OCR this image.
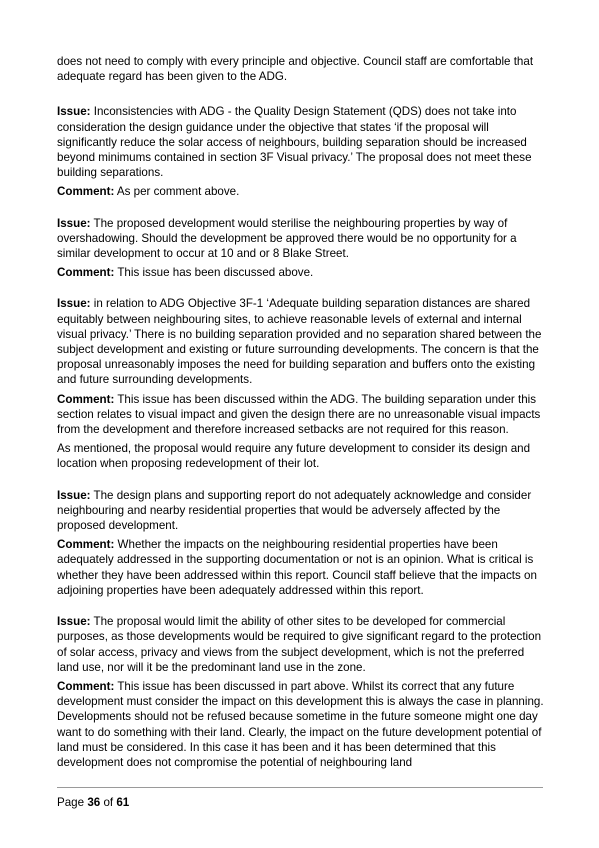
does not need to comply with every principle and objective. Council staff are comfortable that adequate regard has been given to the ADG.

Issue: Inconsistencies with ADG - the Quality Design Statement (QDS) does not take into consideration the design guidance under the objective that states ‘if the proposal will significantly reduce the solar access of neighbours, building separation should be increased beyond minimums contained in section 3F Visual privacy.’ The proposal does not meet these building separations.

Comment: As per comment above.

Issue: The proposed development would sterilise the neighbouring properties by way of overshadowing. Should the development be approved there would be no opportunity for a similar development to occur at 10 and or 8 Blake Street.

Comment: This issue has been discussed above.

Issue: in relation to ADG Objective 3F-1 ‘Adequate building separation distances are shared equitably between neighbouring sites, to achieve reasonable levels of external and internal visual privacy.’ There is no building separation provided and no separation shared between the subject development and existing or future surrounding developments. The concern is that the proposal unreasonably imposes the need for building separation and buffers onto the existing and future surrounding developments.

Comment: This issue has been discussed within the ADG. The building separation under this section relates to visual impact and given the design there are no unreasonable visual impacts from the development and therefore increased setbacks are not required for this reason.

As mentioned, the proposal would require any future development to consider its design and location when proposing redevelopment of their lot.

Issue: The design plans and supporting report do not adequately acknowledge and consider neighbouring and nearby residential properties that would be adversely affected by the proposed development.

Comment: Whether the impacts on the neighbouring residential properties have been adequately addressed in the supporting documentation or not is an opinion. What is critical is whether they have been addressed within this report. Council staff believe that the impacts on adjoining properties have been adequately addressed within this report.

Issue: The proposal would limit the ability of other sites to be developed for commercial purposes, as those developments would be required to give significant regard to the protection of solar access, privacy and views from the subject development, which is not the preferred land use, nor will it be the predominant land use in the zone.

Comment: This issue has been discussed in part above. Whilst its correct that any future development must consider the impact on this development this is always the case in planning. Developments should not be refused because sometime in the future someone might one day want to do something with their land. Clearly, the impact on the future development potential of land must be considered. In this case it has been and it has been determined that this development does not compromise the potential of neighbouring land

Page 36 of 61
